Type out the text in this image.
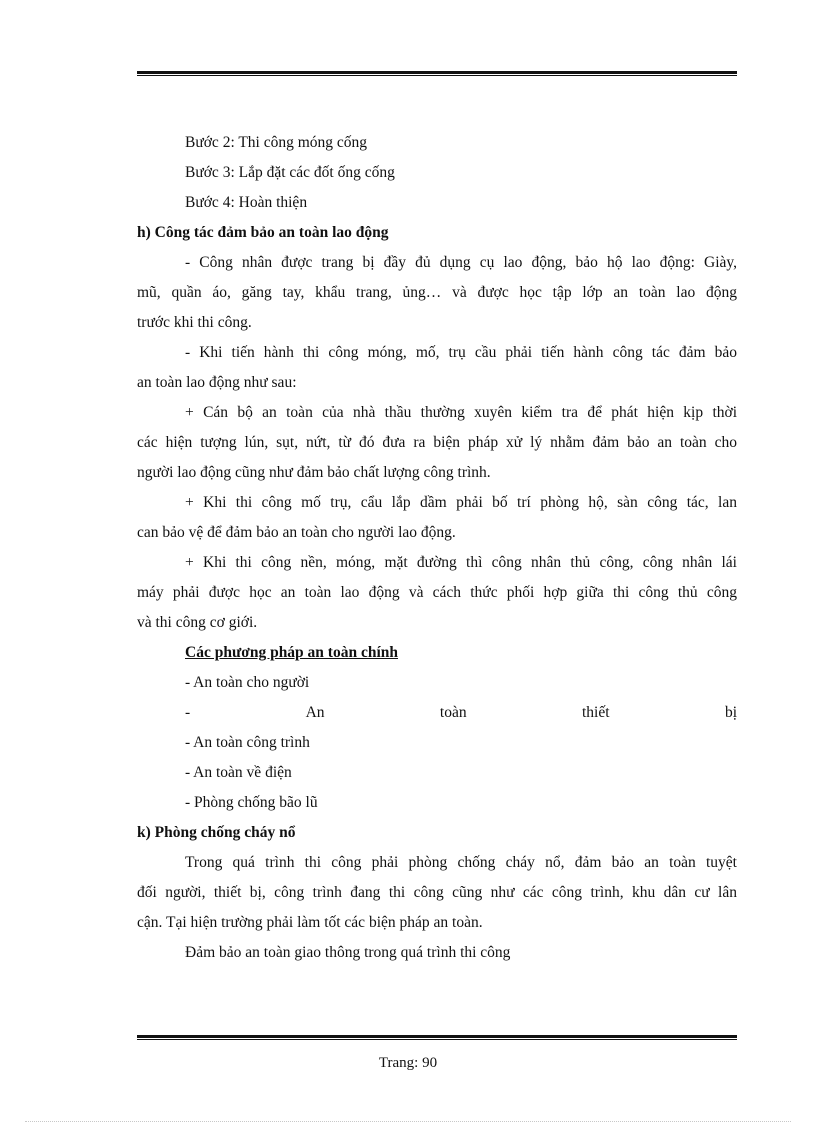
Bước 2: Thi công móng cống
Bước 3: Lắp đặt các đốt ống cống
Bước 4: Hoàn thiện
h) Công tác đảm bảo an toàn lao động
- Công nhân được trang bị đầy đủ dụng cụ lao động, bảo hộ lao động: Giày,
mũ, quần áo, găng tay, khẩu trang, ủng… và được học tập lớp an toàn lao động
trước khi thi công.
- Khi tiến hành thi công móng, mố, trụ cầu phải tiến hành công tác đảm bảo
an toàn lao động như sau:
+ Cán bộ an toàn của nhà thầu thường xuyên kiểm tra để phát hiện kịp thời
các hiện tượng lún, sụt, nứt, từ đó đưa ra biện pháp xử lý nhằm đảm bảo an toàn cho
người lao động cũng như đảm bảo chất lượng công trình.
+ Khi thi công mố trụ, cẩu lắp dầm phải bố trí phòng hộ, sàn công tác, lan
can bảo vệ để đảm bảo an toàn cho người lao động.
+ Khi thi công nền, móng, mặt đường thì công nhân thủ công, công nhân lái
máy phải được học an toàn lao động và cách thức phối hợp giữa thi công thủ công
và thi công cơ giới.
Các phương pháp an toàn chính
- An toàn cho người
-	An	toàn	thiết	bị
- An toàn công trình
- An toàn về điện
- Phòng chống bão lũ
k) Phòng chống cháy nổ
Trong quá trình thi công phải phòng chống cháy nổ, đảm bảo an toàn tuyệt
đối người, thiết bị, công trình đang thi công cũng như các công trình, khu dân cư lân
cận. Tại hiện trường phải làm tốt các biện pháp an toàn.
Đảm bảo an toàn giao thông trong quá trình thi công
Trang: 90
